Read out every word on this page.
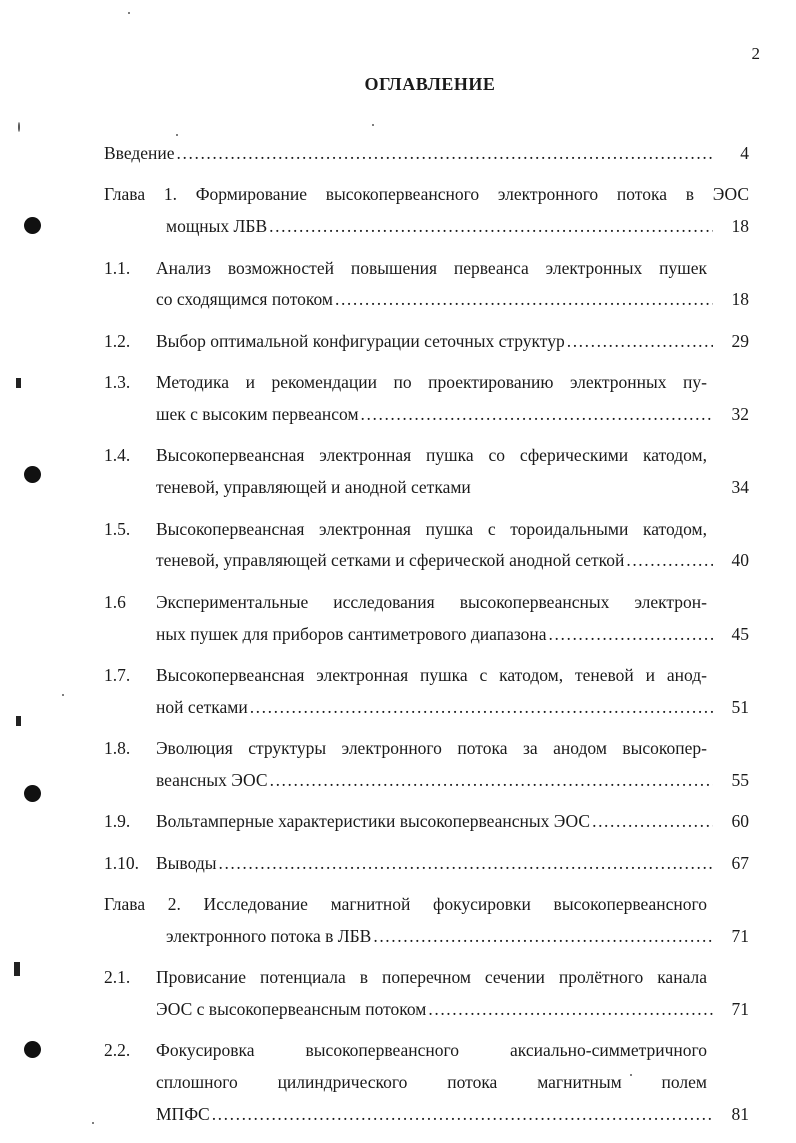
2
ОГЛАВЛЕНИЕ
Введение .....	4
Глава 1. Формирование высокопервеансного электронного потока в ЭОС
мощных ЛБВ .....	18
1.1.	Анализ возможностей повышения первеанса электронных пушек
со сходящимся потоком .....	18
1.2.	Выбор оптимальной конфигурации сеточных структур .....	29
1.3.	Методика и рекомендации по проектированию электронных пу-
шек с высоким первеансом .....	32
1.4.	Высокопервеансная электронная пушка со сферическими катодом,
теневой, управляющей и анодной сетками	34
1.5.	Высокопервеансная электронная пушка с тороидальными катодом,
теневой, управляющей сетками и сферической анодной сеткой .....	40
1.6	Экспериментальные исследования высокопервеансных электрон-
ных пушек для приборов сантиметрового диапазона .....	45
1.7.	Высокопервеансная электронная пушка с катодом, теневой и анод-
ной сетками .....	51
1.8.	Эволюция структуры электронного потока за анодом высокопер-
веансных ЭОС .....	55
1.9.	Вольтамперные характеристики высокопервеансных ЭОС .....	60
1.10. Выводы .....	67
Глава 2. Исследование магнитной фокусировки высокопервеансного
электронного потока в ЛБВ .....	71
2.1.	Провисание потенциала в поперечном сечении пролётного канала
ЭОС с высокопервеансным потоком .....	71
2.2.	Фокусировка высокопервеансного аксиально-симметричного
сплошного цилиндрического потока магнитным полем
МПФС .....	81
